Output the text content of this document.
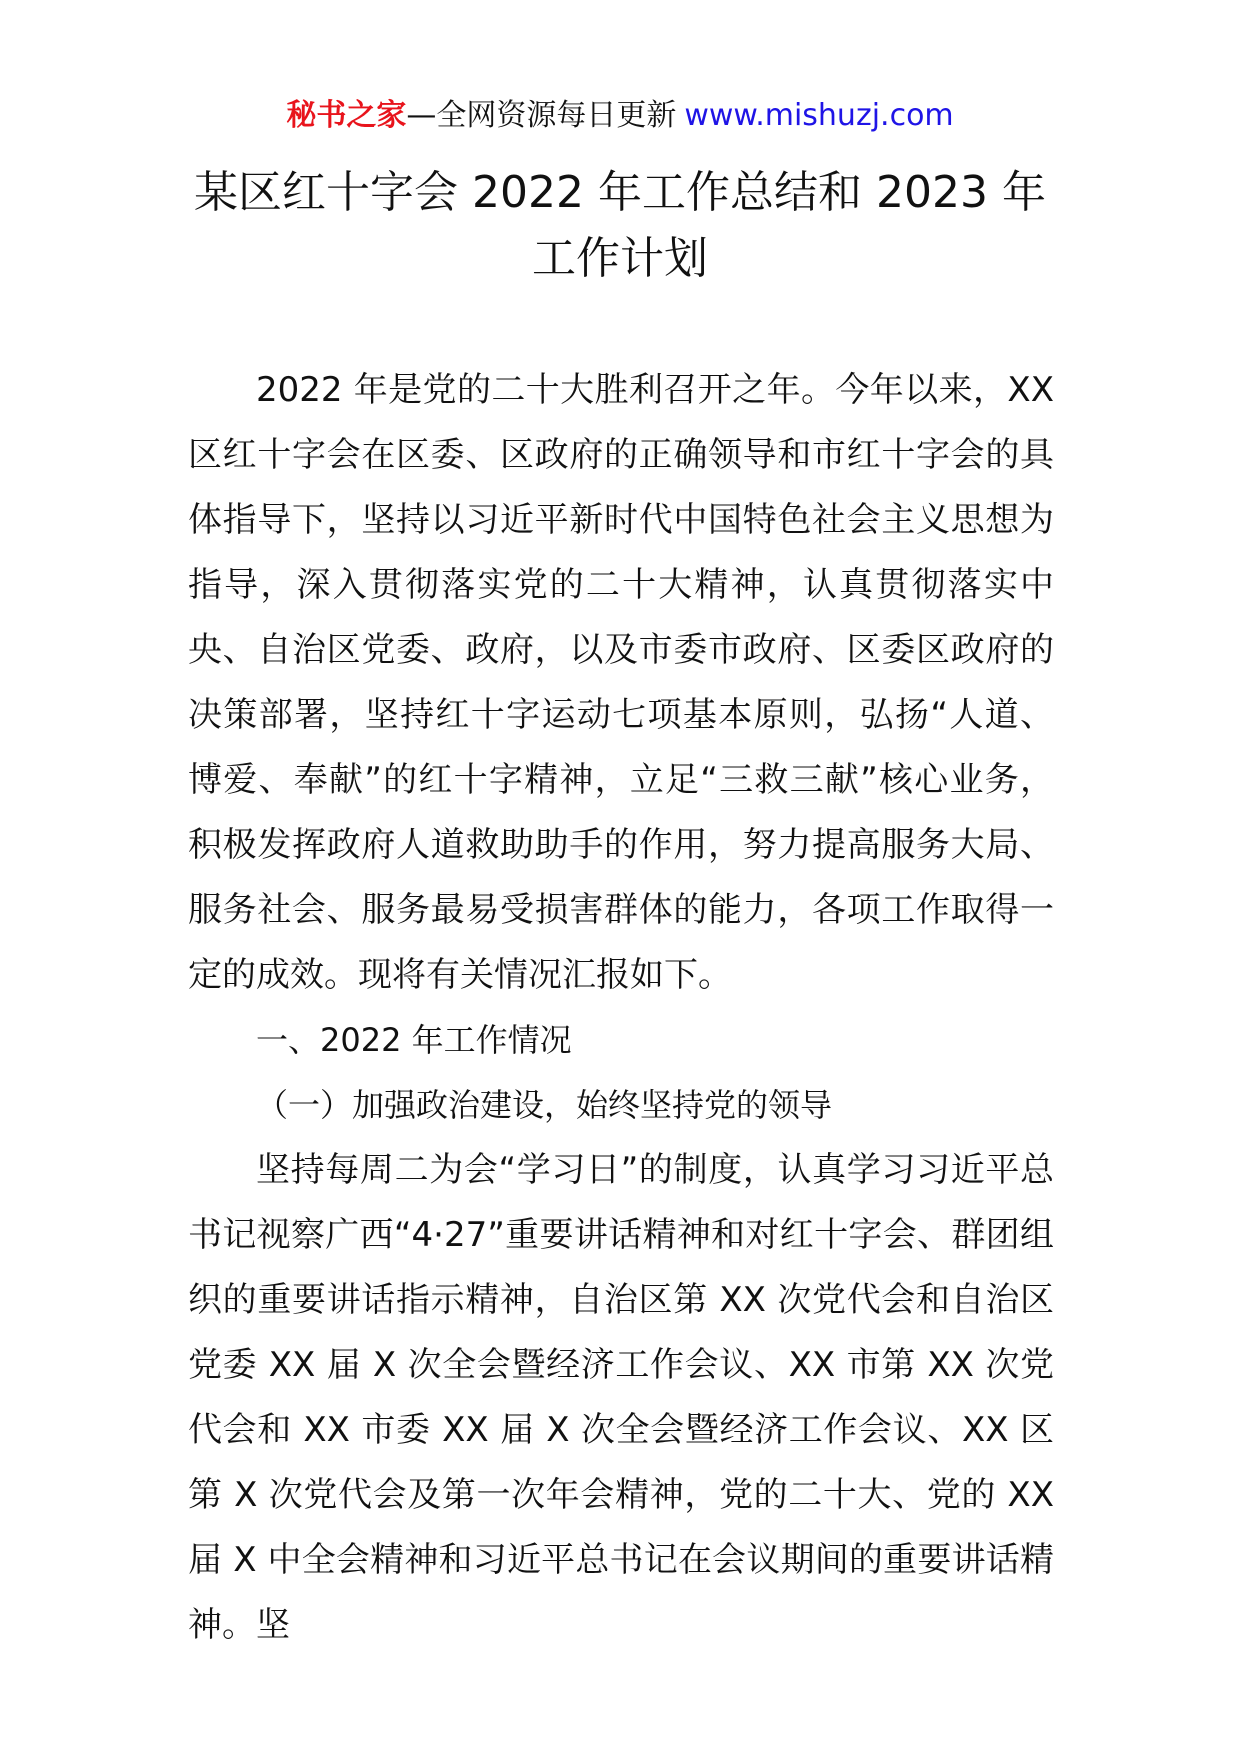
秘书之家—全网资源每日更新 www.mishuzj.com
某区红十字会 2022 年工作总结和 2023 年
工作计划

2022 年是党的二十大胜利召开之年。今年以来，XX 区红十字会在区委、区政府的正确领导和市红十字会的具体指导下，坚持以习近平新时代中国特色社会主义思想为指导，深入贯彻落实党的二十大精神，认真贯彻落实中央、自治区党委、政府，以及市委市政府、区委区政府的决策部署，坚持红十字运动七项基本原则，弘扬“人道、博爱、奉献”的红十字精神，立足“三救三献”核心业务，积极发挥政府人道救助助手的作用，努力提高服务大局、服务社会、服务最易受损害群体的能力，各项工作取得一定的成效。现将有关情况汇报如下。

一、2022 年工作情况

（一）加强政治建设，始终坚持党的领导

坚持每周二为会“学习日”的制度，认真学习习近平总书记视察广西“4·27”重要讲话精神和对红十字会、群团组织的重要讲话指示精神，自治区第 XX 次党代会和自治区党委 XX 届 X 次全会暨经济工作会议、XX 市第 XX 次党代会和 XX 市委 XX 届 X 次全会暨经济工作会议、XX 区第 X 次党代会及第一次年会精神，党的二十大、党的 XX 届 X 中全会精神和习近平总书记在会议期间的重要讲话精神。坚
